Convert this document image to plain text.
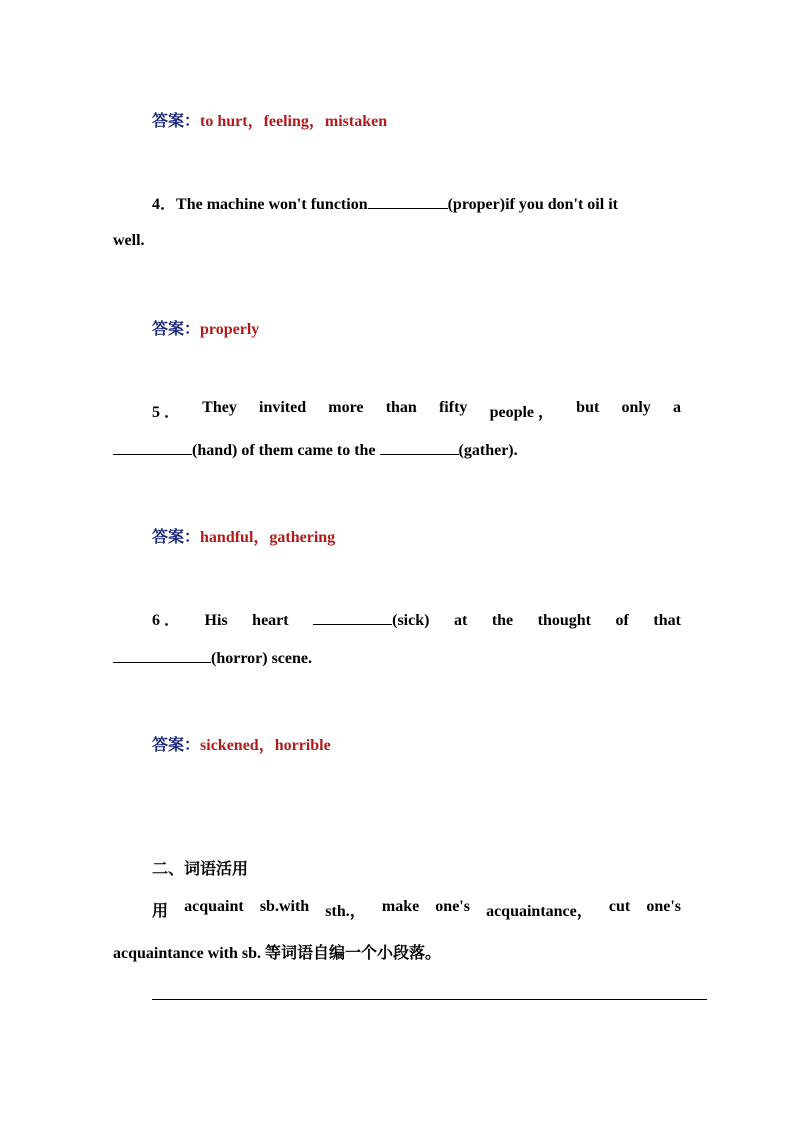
答案：to hurt，feeling，mistaken
4．The machine won't function	(proper)if you don't oil it
well.
答案：properly
5 ． They invited more than fifty people ， but only a
(hand) of them came to the	(gather).
答案：handful，gathering
6 ． His heart	(sick) at the thought of that
(horror) scene.
答案：sickened，horrible
二、词语活用
用 acquaint sb.with sth.， make one's acquaintance， cut one's
acquaintance with sb. 等词语自编一个小段落。
